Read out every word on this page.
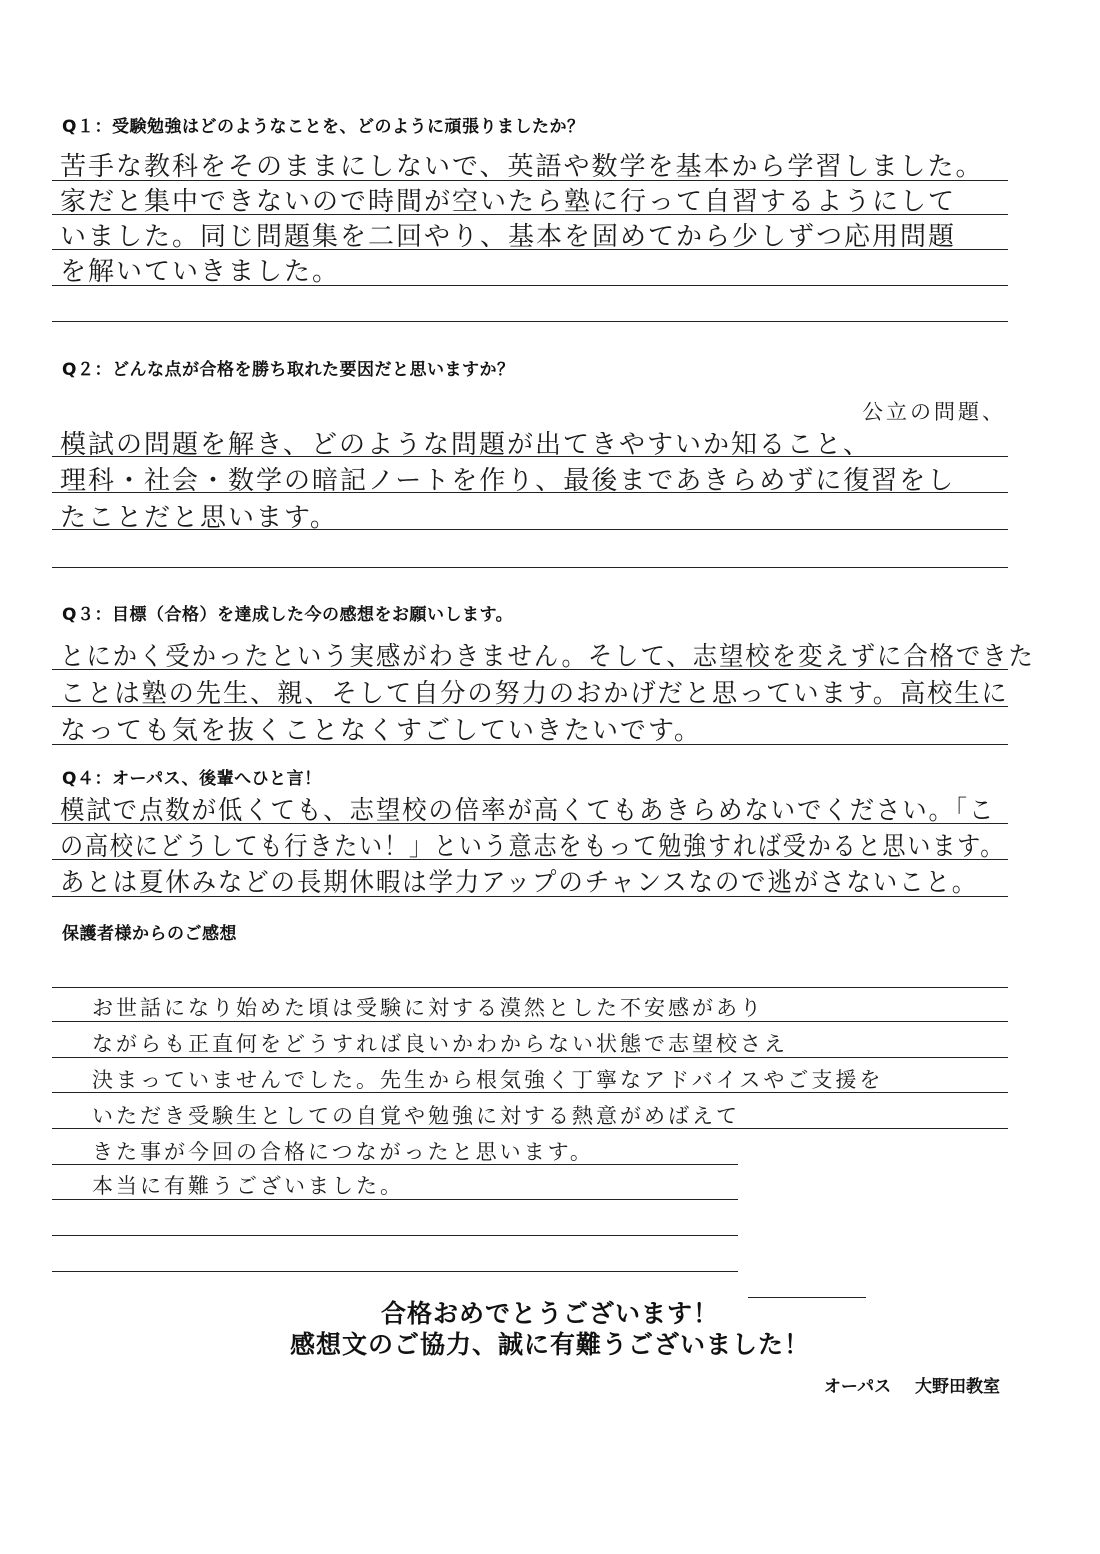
Q１：受験勉強はどのようなことを、どのように頑張りましたか？
苦手な教科をそのままにしないで、英語や数学を基本から学習しました。
家だと集中できないので時間が空いたら塾に行って自習するようにして
いました。同じ問題集を二回やり、基本を固めてから少しずつ応用問題
を解いていきました。
Q２：どんな点が合格を勝ち取れた要因だと思いますか？
公立の問題、
模試の問題を解き、どのような問題が出てきやすいか知ること、
理科・社会・数学の暗記ノートを作り、最後まであきらめずに復習をし
たことだと思います。
Q３：目標（合格）を達成した今の感想をお願いします。
とにかく受かったという実感がわきません。そして、志望校を変えずに合格できた
ことは塾の先生、親、そして自分の努力のおかげだと思っています。高校生に
なっても気を抜くことなくすごしていきたいです。
Q４：オーパス、後輩へひと言！
模試で点数が低くても、志望校の倍率が高くてもあきらめないでください。「こ
の高校にどうしても行きたい！」という意志をもって勉強すれば受かると思います。
あとは夏休みなどの長期休暇は学力アップのチャンスなので逃がさないこと。
保護者様からのご感想
お世話になり始めた頃は受験に対する漠然とした不安感があり
ながらも正直何をどうすれば良いかわからない状態で志望校さえ
決まっていませんでした。先生から根気強く丁寧なアドバイスやご支援を
いただき受験生としての自覚や勉強に対する熱意がめばえて
きた事が今回の合格につながったと思います。
本当に有難うございました。
合格おめでとうございます！
感想文のご協力、誠に有難うございました！
オーパス 大野田教室
